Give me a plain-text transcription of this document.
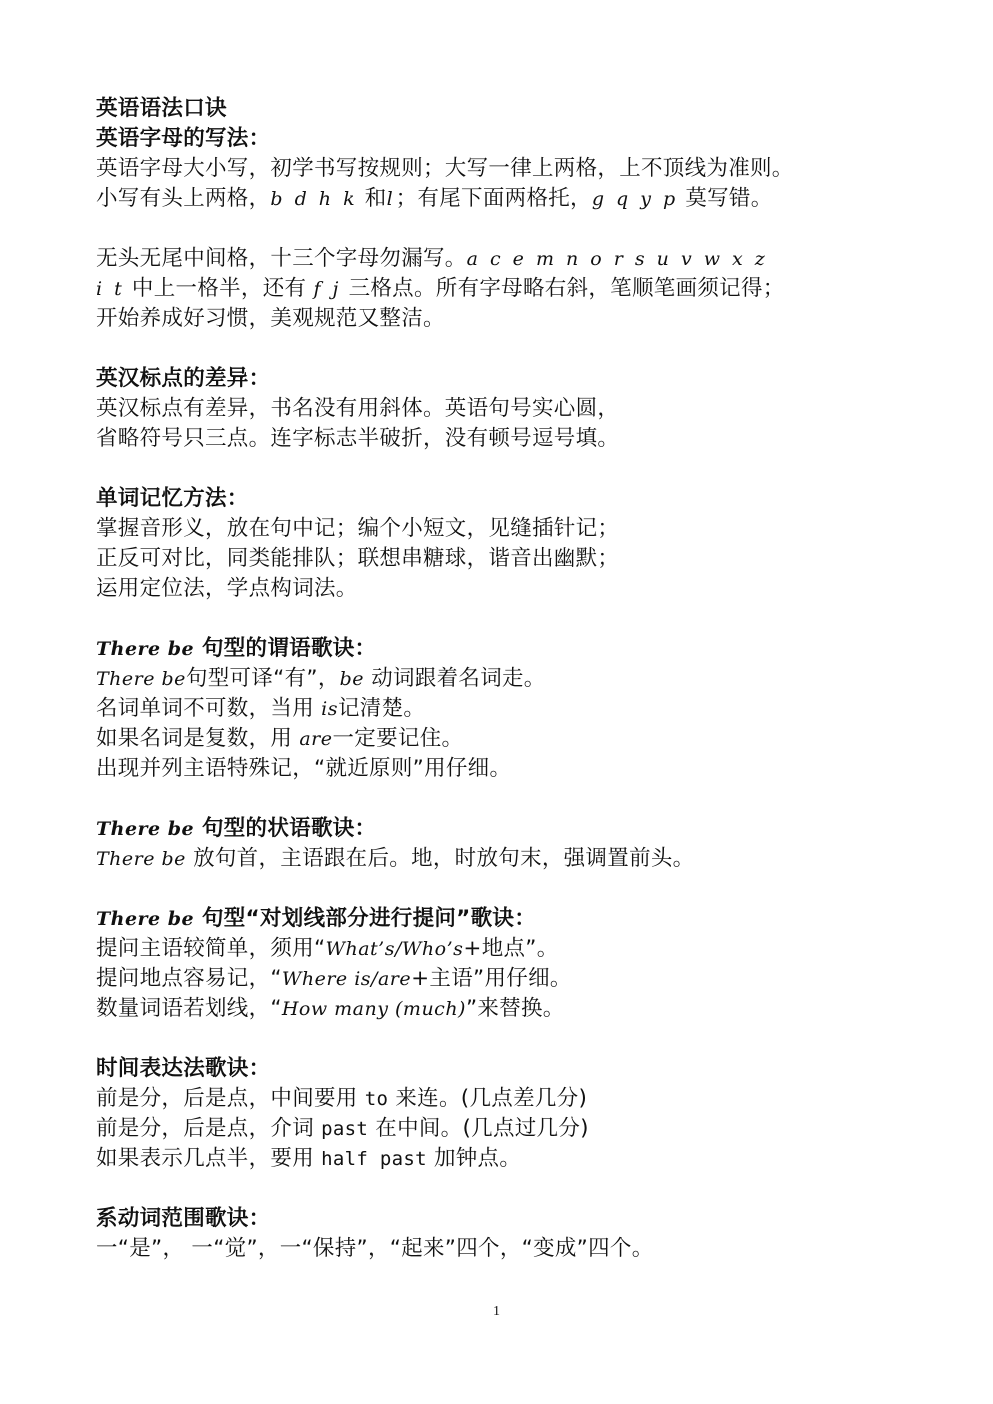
英语语法口诀
英语字母的写法：
英语字母大小写，初学书写按规则；大写一律上两格，上不顶线为准则。
小写有头上两格，b d h k 和l；有尾下面两格托，g q y p 莫写错。
无头无尾中间格，十三个字母勿漏写。a c e m n o r s u v w x z
i t 中上一格半，还有 f j 三格点。所有字母略右斜，笔顺笔画须记得；
开始养成好习惯，美观规范又整洁。
英汉标点的差异：
英汉标点有差异，书名没有用斜体。英语句号实心圆，
省略符号只三点。连字标志半破折，没有顿号逗号填。
单词记忆方法：
掌握音形义，放在句中记；编个小短文，见缝插针记；
正反可对比，同类能排队；联想串糖球，谐音出幽默；
运用定位法，学点构词法。
There be 句型的谓语歌诀：
There be句型可译“有”，be 动词跟着名词走。
名词单词不可数，当用 is记清楚。
如果名词是复数，用 are一定要记住。
出现并列主语特殊记，“就近原则”用仔细。
There be 句型的状语歌诀：
There be 放句首，主语跟在后。地，时放句末，强调置前头。
There be 句型“对划线部分进行提问”歌诀：
提问主语较简单，须用“What’s/Who’s+地点”。
提问地点容易记，“Where is/are+主语”用仔细。
数量词语若划线，“How many (much)”来替换。
时间表达法歌诀：
前是分，后是点，中间要用 to 来连。(几点差几分)
前是分，后是点，介词 past 在中间。(几点过几分)
如果表示几点半，要用 half past 加钟点。
系动词范围歌诀：
一“是”， 一“觉”，一“保持”，“起来”四个，“变成”四个。
1
